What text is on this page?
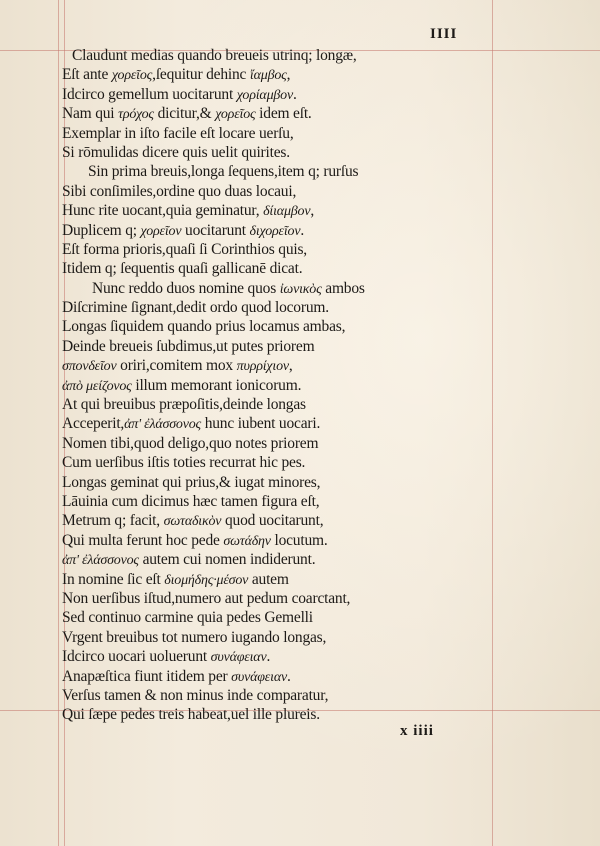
IIII
Claudunt medias quando breueis utrinq; longæ,
Eſt ante χορεῖος,ſequitur dehinc ἴαμβος,
Idcirco gemellum uocitarunt χορίαμβον.
Nam qui τρόχος dicitur,& χορεῖος idem eſt.
Exemplar in iſto facile eſt locare uerſu,
Si rōmulidas dicere quis uelit quirites.
Sin prima breuis,longa ſequens,item q; rurſus
Sibi conſimiles,ordine quo duas locaui,
Hunc rite uocant,quia geminatur, δίιαμβον,
Duplicem q; χορεῖον uocitarunt διχορεῖον.
Eſt forma prioris,quaſi ſi Corinthios quis,
Itidem q; ſequentis quaſi gallicanē dicat.
Nunc reddo duos nomine quos ἰωνικὸς ambos
Diſcrimine ſignant,dedit ordo quod locorum.
Longas ſiquidem quando prius locamus ambas,
Deinde breueis ſubdimus,ut putes priorem
σπονδεῖον oriri,comitem mox πυρρίχιον,
ἀπὸ μείζονος illum memorant ionicorum.
At qui breuibus præpoſitis,deinde longas
Acceperit,ἀπ' ἐλάσσονος hunc iubent uocari.
Nomen tibi,quod deligo,quo notes priorem
Cum uerſibus iſtis toties recurrat hic pes.
Longas geminat qui prius,& iugat minores,
Lāuinia cum dicimus hæc tamen figura eſt,
Metrum q; facit, σωταδικὸν quod uocitarunt,
Qui multa ferunt hoc pede σωτάδην locutum.
ἀπ' ἐλάσσονος autem cui nomen indiderunt.
In nomine ſic eſt διομήδης·μέσον autem
Non uerſibus iſtud,numero aut pedum coarctant,
Sed continuo carmine quia pedes Gemelli
Vrgent breuibus tot numero iugando longas,
Idcirco uocari uoluerunt συνάφειαν.
Anapæſtica fiunt itidem per συνάφειαν.
Verſus tamen & non minus inde comparatur,
Qui ſæpe pedes treis habeat,uel ille plureis.
x iiii
